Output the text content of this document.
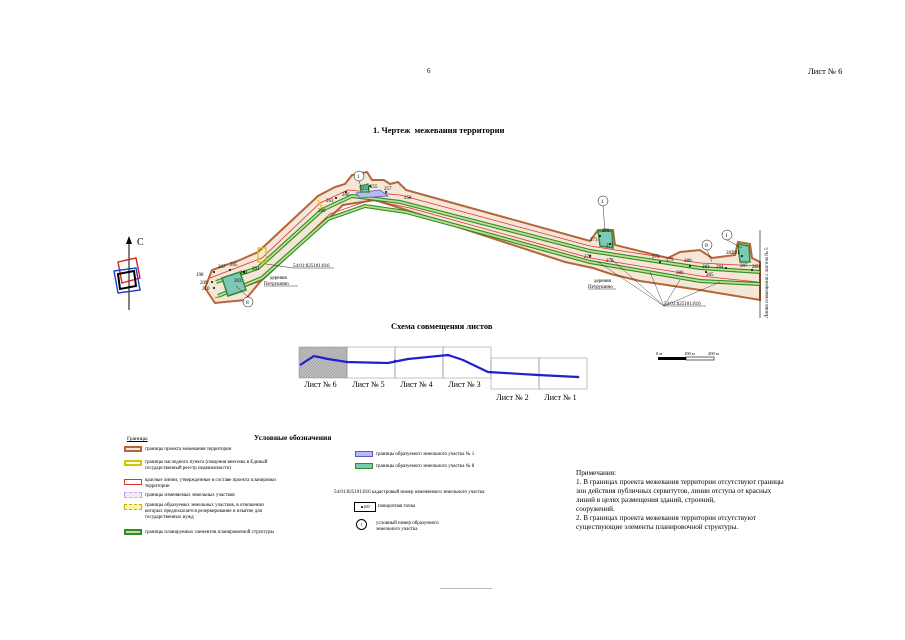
6	Лист № 6
1. Чертеж  межевания территории
С
198
209
210
207 205
204
203
201
260
263
266
253 255 257
258
270
273
277
272
278
275
279 280
286
283
285
284
281
287 289
282
1
1
1
8
8
деревня
Петрушино
деревня
Петрушино
54:01:025101:816
54:01:025101:816	Линия совмещения с листом № 5
Схема совмещения листов
Лист № 6	Лист № 5	Лист № 4	Лист № 3
Лист № 2	Лист № 1
0 м	100 м	200 м
Границы	Условные обозначения
границы проекта межевания территории
границы наследного пункта (сведения внесены в Единый государственный реестр недвижимости)
красные линии, утвержденные в составе проекта планировки территории
границы изменяемых земельных участков
границы образуемых земельных участков, в отношении которых предполагается резервирование и изъятие для государственных нужд
границы планируемых элементов планировочной структуры
границы образуемого земельного участка № 1
границы образуемого земельного участка № 8
54:01:025101:816 кадастровый номер изменяемого земельного участка
269	поворотная точка
1	условный номер образуемого земельного участка
Примечания:
1. В границах проекта межевания территории отсутствуют границы
зон действия публичных сервитутов, линии отступа от красных
линий в целях размещения зданий, строений,
сооружений.
2. В границах проекта межевания территории отсутствуют
существующие элементы планировочной структуры.
